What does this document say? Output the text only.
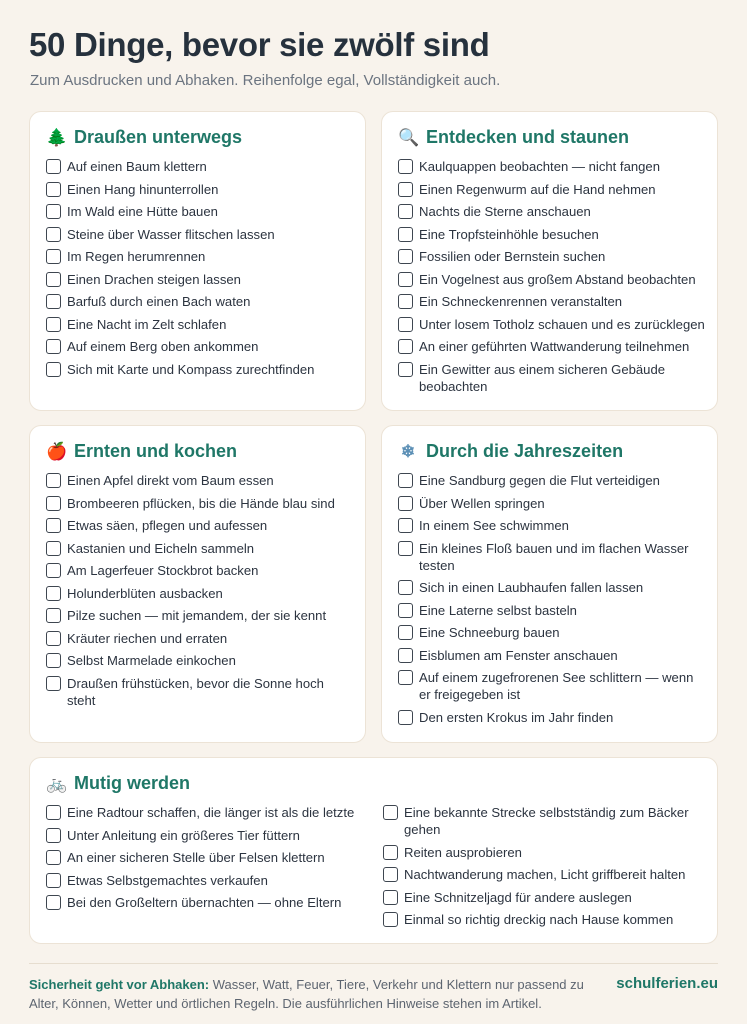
50 Dinge, bevor sie zwölf sind

Zum Ausdrucken und Abhaken. Reihenfolge egal, Vollständigkeit auch.

🌲 Draußen unterwegs
Auf einen Baum klettern
Einen Hang hinunterrollen
Im Wald eine Hütte bauen
Steine über Wasser flitschen lassen
Im Regen herumrennen
Einen Drachen steigen lassen
Barfuß durch einen Bach waten
Eine Nacht im Zelt schlafen
Auf einem Berg oben ankommen
Sich mit Karte und Kompass zurechtfinden
🔍 Entdecken und staunen
Kaulquappen beobachten — nicht fangen
Einen Regenwurm auf die Hand nehmen
Nachts die Sterne anschauen
Eine Tropfsteinhöhle besuchen
Fossilien oder Bernstein suchen
Ein Vogelnest aus großem Abstand beobachten
Ein Schneckenrennen veranstalten
Unter losem Totholz schauen und es zurücklegen
An einer geführten Wattwanderung teilnehmen
Ein Gewitter aus einem sicheren Gebäude beobachten
🍎 Ernten und kochen
Einen Apfel direkt vom Baum essen
Brombeeren pflücken, bis die Hände blau sind
Etwas säen, pflegen und aufessen
Kastanien und Eicheln sammeln
Am Lagerfeuer Stockbrot backen
Holunderblüten ausbacken
Pilze suchen — mit jemandem, der sie kennt
Kräuter riechen und erraten
Selbst Marmelade einkochen
Draußen frühstücken, bevor die Sonne hoch steht
❄ Durch die Jahreszeiten
Eine Sandburg gegen die Flut verteidigen
Über Wellen springen
In einem See schwimmen
Ein kleines Floß bauen und im flachen Wasser testen
Sich in einen Laubhaufen fallen lassen
Eine Laterne selbst basteln
Eine Schneeburg bauen
Eisblumen am Fenster anschauen
Auf einem zugefrorenen See schlittern — wenn er freigegeben ist
Den ersten Krokus im Jahr finden
🚲 Mutig werden
Eine Radtour schaffen, die länger ist als die letzte
Unter Anleitung ein größeres Tier füttern
An einer sicheren Stelle über Felsen klettern
Etwas Selbstgemachtes verkaufen
Bei den Großeltern übernachten — ohne Eltern
Eine bekannte Strecke selbstständig zum Bäcker gehen
Reiten ausprobieren
Nachtwanderung machen, Licht griffbereit halten
Eine Schnitzeljagd für andere auslegen
Einmal so richtig dreckig nach Hause kommen

Sicherheit geht vor Abhaken: Wasser, Watt, Feuer, Tiere, Verkehr und Klettern nur passend zu Alter, Können, Wetter und örtlichen Regeln. Die ausführlichen Hinweise stehen im Artikel.

schulferien.eu
